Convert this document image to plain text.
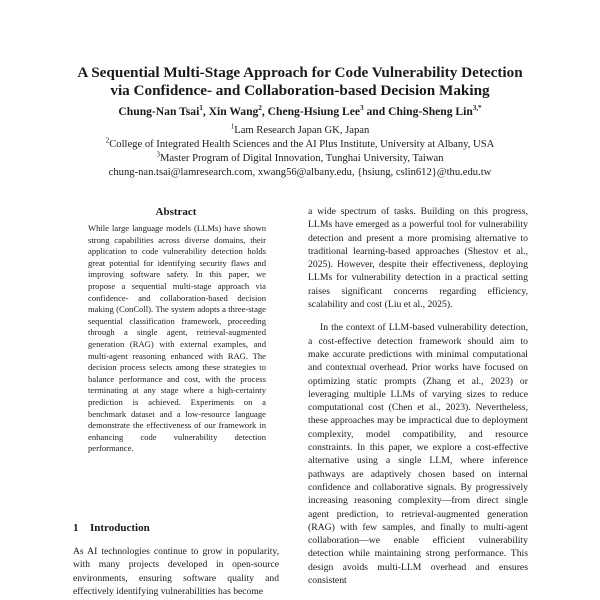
A Sequential Multi-Stage Approach for Code Vulnerability Detection
via Confidence- and Collaboration-based Decision Making
Chung-Nan Tsai$^1$, Xin Wang$^2$, Cheng-Hsiung Lee$^3$ and Ching-Sheng Lin$^{3,*}$
$^1$Lam Research Japan GK, Japan
$^2$College of Integrated Health Sciences and the AI Plus Institute, University at Albany, USA
$^3$Master Program of Digital Innovation, Tunghai University, Taiwan
chung-nan.tsai@lamresearch.com, xwang56@albany.edu, {hsiung, cslin612}@thu.edu.tw
Abstract
While large language models (LLMs) have shown strong capabilities across diverse domains, their application to code vulnerability detection holds great potential for identifying security flaws and improving software safety. In this paper, we propose a sequential multi-stage approach via confidence- and collaboration-based decision making (ConColl). The system adopts a three-stage sequential classification framework, proceeding through a single agent, retrieval-augmented generation (RAG) with external examples, and multi-agent reasoning enhanced with RAG. The decision process selects among these strategies to balance performance and cost, with the process terminating at any stage where a high-certainty prediction is achieved. Experiments on a benchmark dataset and a low-resource language demonstrate the effectiveness of our framework in enhancing code vulnerability detection performance.
1 Introduction
As AI technologies continue to grow in popularity, with many projects developed in open-source environments, ensuring software quality and effectively identifying vulnerabilities has become

a wide spectrum of tasks. Building on this progress, LLMs have emerged as a powerful tool for vulnerability detection and present a more promising alternative to traditional learning-based approaches (Shestov et al., 2025). However, despite their effectiveness, deploying LLMs for vulnerability detection in a practical setting raises significant concerns regarding efficiency, scalability and cost (Liu et al., 2025).

In the context of LLM-based vulnerability detection, a cost-effective detection framework should aim to make accurate predictions with minimal computational and contextual overhead. Prior works have focused on optimizing static prompts (Zhang et al., 2023) or leveraging multiple LLMs of varying sizes to reduce computational cost (Chen et al., 2023). Nevertheless, these approaches may be impractical due to deployment complexity, model compatibility, and resource constraints. In this paper, we explore a cost-effective alternative using a single LLM, where inference pathways are adaptively chosen based on internal confidence and collaborative signals. By progressively increasing reasoning complexity—from direct single agent prediction, to retrieval-augmented generation (RAG) with few samples, and finally to multi-agent collaboration—we enable efficient vulnerability detection while maintaining strong performance. This design avoids multi-LLM overhead and ensures consistent
